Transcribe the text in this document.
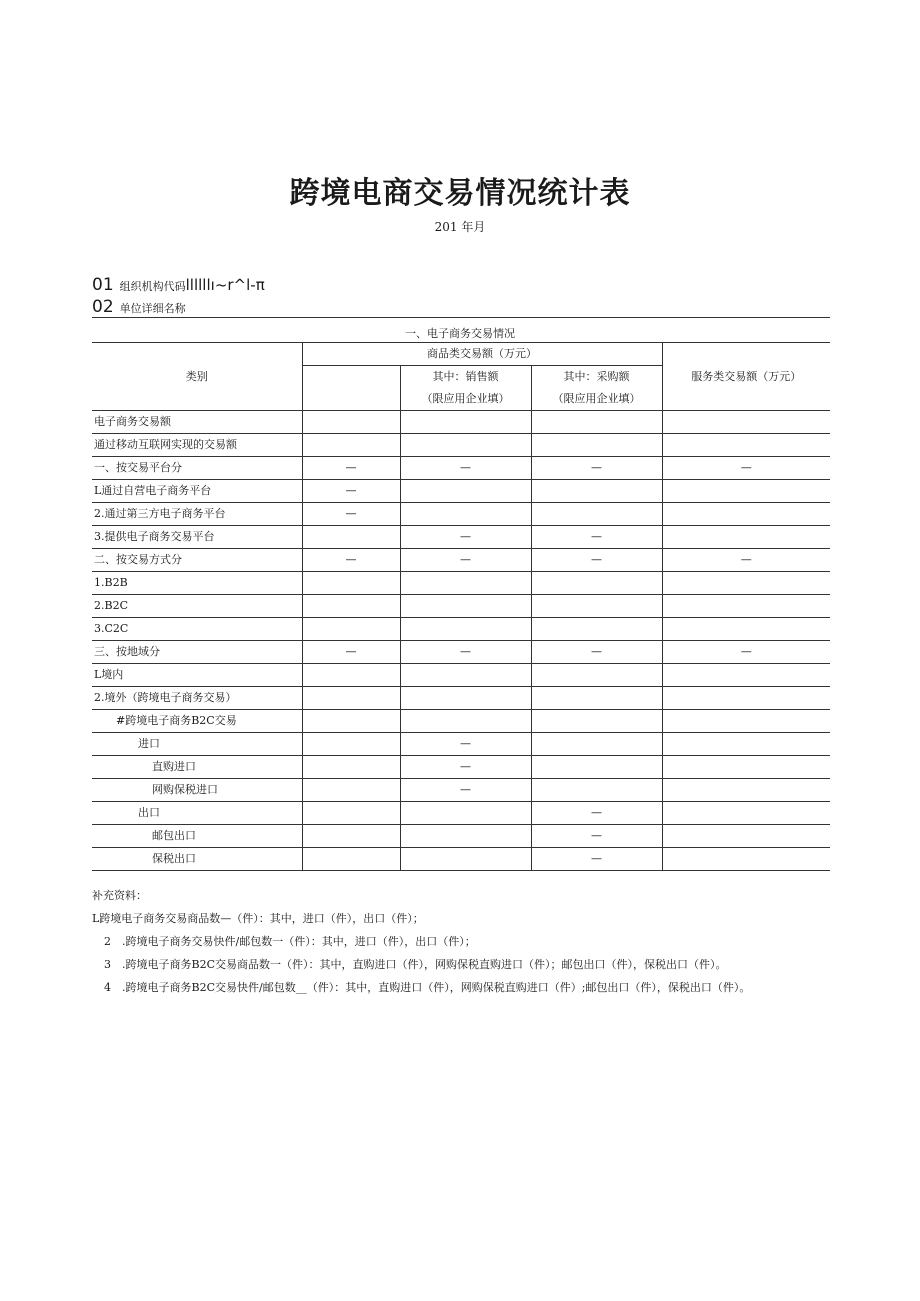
跨境电商交易情况统计表
201 年月
01 组织机构代码llllllı~r^l-π
02 单位详细名称
一、电子商务交易情况
类别	商品类交易额（万元）			服务类交易额（万元）
		其中：销售额	其中：采购额	
		（限应用企业填）	（限应用企业填）	
电子商务交易额				
通过移动互联网实现的交易额				
一、按交易平台分	—	—	—	—
L通过自营电子商务平台	—			
2.通过第三方电子商务平台	—			
3.提供电子商务交易平台		—	—	
二、按交易方式分	—	—	—	—
1.B2B				
2.B2C				
3.C2C				
三、按地域分	—	—	—	—
L境内				
2.境外（跨境电子商务交易）				
#跨境电子商务B2C交易				
进口		—		
直购进口		—		
网购保税进口		—		
出口			—	
邮包出口			—	
保税出口			—	

补充资料：

L跨境电子商务交易商品数—（件）：其中，进口（件），出口（件）；

2　.跨境电子商务交易快件/邮包数一（件）：其中，进口（件），出口（件）；

3　.跨境电子商务B2C交易商品数一（件）：其中，直购进口（件），网购保税直购进口（件）；邮包出口（件），保税出口（件）。

4　.跨境电子商务B2C交易快件/邮包数__（件）：其中，直购进口（件），网购保税直购进口（件）;邮包出口（件），保税出口（件）。
